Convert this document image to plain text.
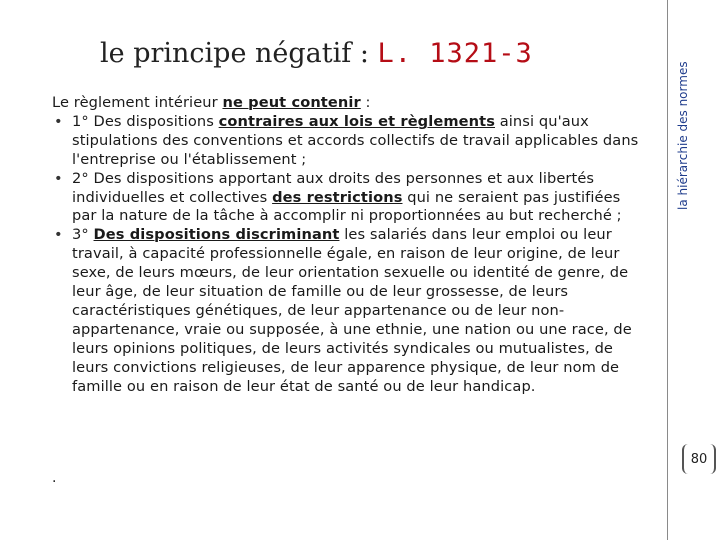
le principe négatif : L. 1321-3

Le règlement intérieur ne peut contenir :

• 1° Des dispositions contraires aux lois et règlements ainsi qu'aux stipulations des conventions et accords collectifs de travail applicables dans l'entreprise ou l'établissement ;
• 2° Des dispositions apportant aux droits des personnes et aux libertés individuelles et collectives des restrictions qui ne seraient pas justifiées par la nature de la tâche à accomplir ni proportionnées au but recherché ;
• 3° Des dispositions discriminant les salariés dans leur emploi ou leur travail, à capacité professionnelle égale, en raison de leur origine, de leur sexe, de leurs mœurs, de leur orientation sexuelle ou identité de genre, de leur âge, de leur situation de famille ou de leur grossesse, de leurs caractéristiques génétiques, de leur appartenance ou de leur non-appartenance, vraie ou supposée, à une ethnie, une nation ou une race, de leurs opinions politiques, de leurs activités syndicales ou mutualistes, de leurs convictions religieuses, de leur apparence physique, de leur nom de famille ou en raison de leur état de santé ou de leur handicap.
.
la hiérarchie des normes
80
